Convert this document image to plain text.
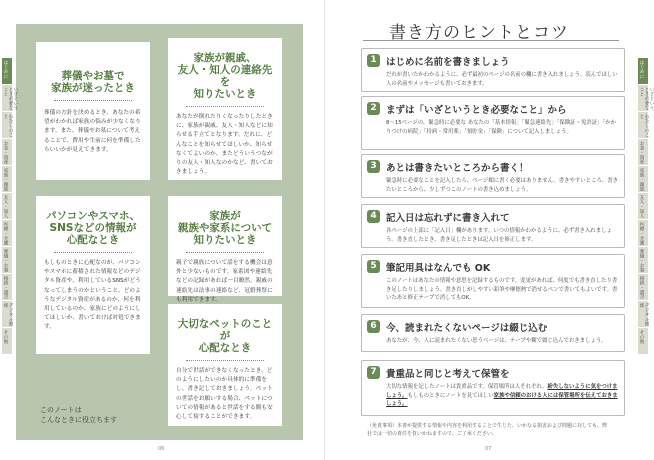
葬儀やお墓で
家族が迷ったとき
葬儀の方針を決めるとき、あなたの希望がわかれば家族の悩みが少なくなります。また、葬儀やお墓について考えることで、費用や生前に何を準備したらいいかが見えてきます。
家族が親戚、
友人・知人の連絡先を
知りたいとき
あなたが倒れたりくなったりしたときに、家族が親戚、友人・知人などに知らせる手立てとなります。だれに、どんなことを知らせてほしいか、知らせなくてよいのか、またどういうつながりの友人・知人なのかなど、書いておきましょう。
パソコンやスマホ、
SNSなどの情報が
心配なとき
もしものときに心配なのが、パソコンやスマホに蓄積された情報などのデジタル資産や、利用しているSNSがどうなってしまうのかということ。どのようなデジタル資産があるのか、何を利用しているのか、家族にどのようにしてほしいか、書いておけば対処できます。
家族が
親族や家系について
知りたいとき
親子で親族について話をする機会は意外と少ないものです。家系図や連絡先などの記録があれば一目瞭然。親戚の連絡先は法事の連絡など、冠婚葬祭にも利用できます。
大切なペットのことが
心配なとき
自分で世話ができなくなったとき、どのようにしたいのか具体的に準備をし、書き記しておきましょう。ペットの世話をお願いする場合、ペットについての情報があると世話をする側も安心して接することができます。
このノートは
こんなときに役立ちます
06
はじめに
いざというとき必要なこと
わたしのこと
お金・資産
家族・親族
友人・知人
医療・介護
葬儀・お墓
相続・遺言
デジタル関係
その他
書き方のヒントとコツ
1 はじめに名前を書きましょう
だれが書いたかわかるように、必ず最初のページの名前の欄に書き入れましょう。読んでほしい人の名前やメッセージも書いておきます。
2 まずは「いざというとき必要なこと」から
8〜15ページの、緊急時に必要な あなたの「基本情報」「緊急連絡先」「保険証・免許証」「かかりつけの病院」「持病・常用薬」「預貯金」「保険」について記入しましょう。
3 あとは書きたいところから書く！
緊急時に必要なことを記入したら、ページ順に書く必要はありません。書きやすいところ、書きたいところから、少しずつこのノートの書き込めましょう。
4 記入日は忘れずに書き入れて
各ページの上部に「記入日」欄があります。いつの情報かわかるように、必ず書き入れましょう。書き直したとき、書き足したときは記入日を修正します。
5 筆記用具はなんでも OK
このノートはあなたの情報や意思を記録するものです。変更があれば、何度でも書き直したり書き足したりしましょう。書き直しがしやすい鉛筆や摩擦熱で消せるペンで書いてもよいです。書いたあと修正テープで消してもOK。
6 今、読まれたくないページは綴じ込む
あなたが、今、人に読まれたくない思うページは、テープや糊で綴じ込んでおきましょう。
7 貴重品と同じと考えて保管を
大切な情報を記したノートは貴重品です。保管場所は人それぞれ。紛失しないように気をつけましょう。もしものときにノートを見てほしい家族や信頼のおける人には保管場所を伝えておきましょう。
（免責事項）本書が提供する情報や内容を利用することで生じた、いかなる損害および問題に対しても、弊社では一切の責任を負いかねますので、ご了承ください。
07
はじめに
いざというとき必要なこと
わたしのこと
お金・資産
家族・親族
友人・知人
医療・介護
葬儀・お墓
相続・遺言
デジタル関係
その他
